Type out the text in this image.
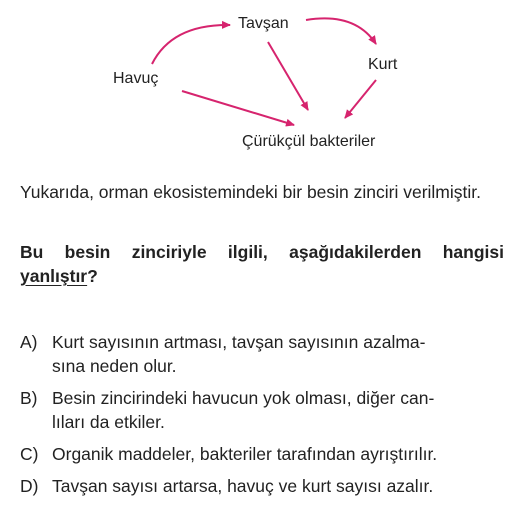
Tavşan
Kurt
Havuç
Çürükçül bakteriler
Yukarıda, orman ekosistemindeki bir besin zinciri verilmiştir.
Bu besin zinciriyle ilgili, aşağıdakilerden hangisi yanlıştır?
A) Kurt sayısının artması, tavşan sayısının azalma-
sına neden olur.
B) Besin zincirindeki havucun yok olması, diğer can-
lıları da etkiler.
C) Organik maddeler, bakteriler tarafından ayrıştırılır.
D) Tavşan sayısı artarsa, havuç ve kurt sayısı azalır.
